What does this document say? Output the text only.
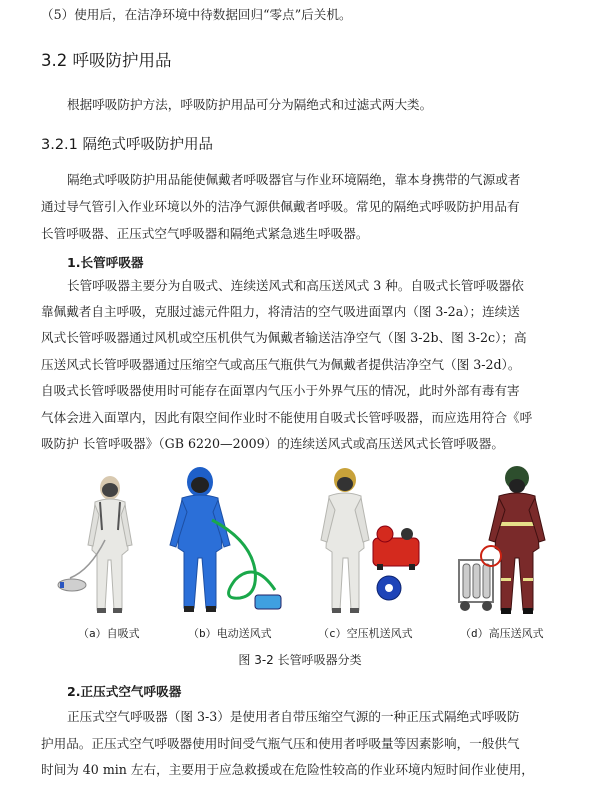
（5）使用后，在洁净环境中待数据回归“零点”后关机。
3.2 呼吸防护用品
根据呼吸防护方法，呼吸防护用品可分为隔绝式和过滤式两大类。
3.2.1 隔绝式呼吸防护用品
隔绝式呼吸防护用品能使佩戴者呼吸器官与作业环境隔绝，靠本身携带的气源或者
通过导气管引入作业环境以外的洁净气源供佩戴者呼吸。常见的隔绝式呼吸防护用品有
长管呼吸器、正压式空气呼吸器和隔绝式紧急逃生呼吸器。
1.长管呼吸器
长管呼吸器主要分为自吸式、连续送风式和高压送风式 3 种。自吸式长管呼吸器依
靠佩戴者自主呼吸，克服过滤元件阻力，将清洁的空气吸进面罩内（图 3-2a）；连续送
风式长管呼吸器通过风机或空压机供气为佩戴者输送洁净空气（图 3-2b、图 3-2c）；高
压送风式长管呼吸器通过压缩空气或高压气瓶供气为佩戴者提供洁净空气（图 3-2d）。
自吸式长管呼吸器使用时可能存在面罩内气压小于外界气压的情况，此时外部有毒有害
气体会进入面罩内，因此有限空间作业时不能使用自吸式长管呼吸器，而应选用符合《呼
吸防护 长管呼吸器》（GB 6220—2009）的连续送风式或高压送风式长管呼吸器。
（a）自吸式	（b）电动送风式	（c）空压机送风式	（d）高压送风式
图 3-2 长管呼吸器分类
2.正压式空气呼吸器
正压式空气呼吸器（图 3-3）是使用者自带压缩空气源的一种正压式隔绝式呼吸防
护用品。正压式空气呼吸器使用时间受气瓶气压和使用者呼吸量等因素影响，一般供气
时间为 40 min 左右，主要用于应急救援或在危险性较高的作业环境内短时间作业使用，
